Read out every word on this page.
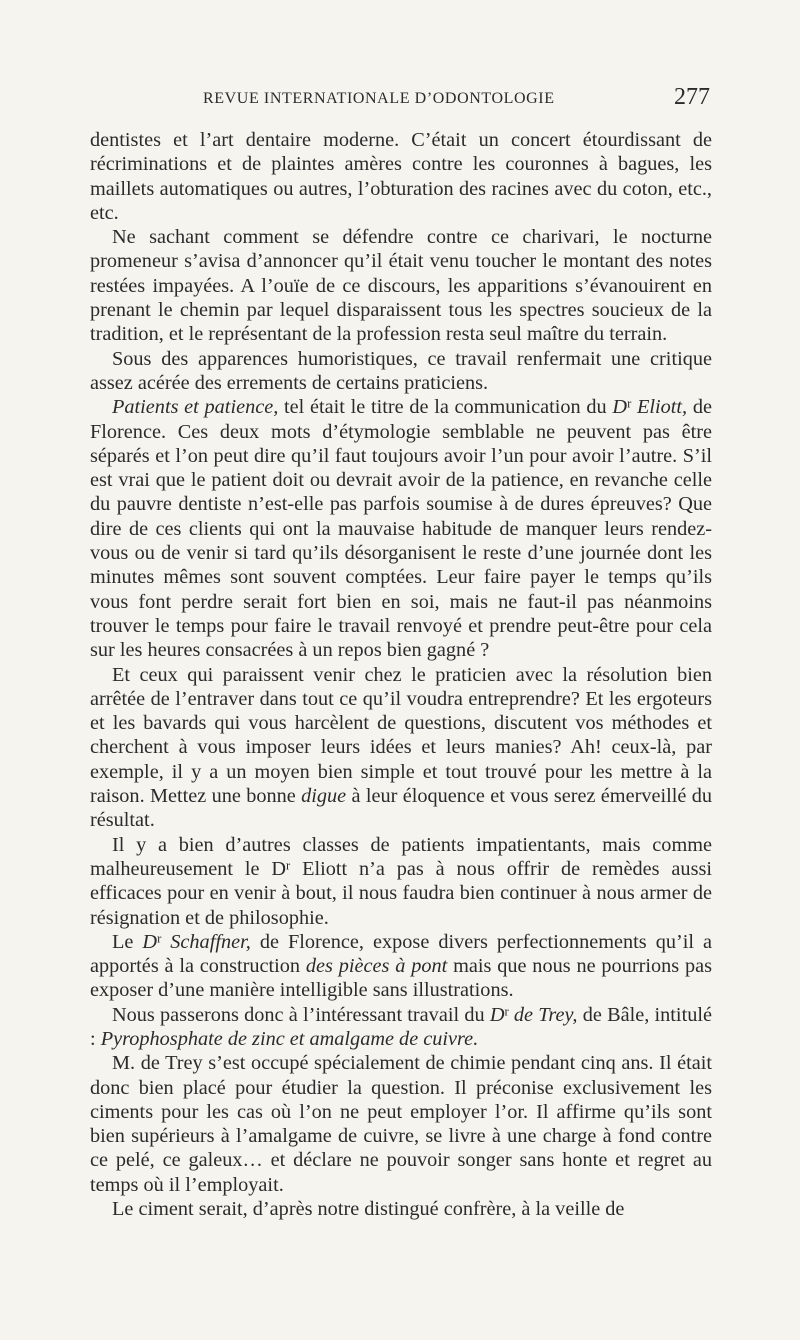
REVUE INTERNATIONALE D’ODONTOLOGIE	277

dentistes et l’art dentaire moderne. C’était un concert étourdissant de récriminations et de plaintes amères contre les couronnes à bagues, les maillets automatiques ou autres, l’obturation des racines avec du coton, etc., etc.

Ne sachant comment se défendre contre ce charivari, le nocturne promeneur s’avisa d’annoncer qu’il était venu toucher le montant des notes restées impayées. A l’ouïe de ce discours, les apparitions s’évanouirent en prenant le chemin par lequel disparaissent tous les spectres soucieux de la tradition, et le représentant de la profession resta seul maître du terrain.

Sous des apparences humoristiques, ce travail renfermait une critique assez acérée des errements de certains praticiens.

Patients et patience, tel était le titre de la communication du $D^r$ Eliott, de Florence. Ces deux mots d’étymologie semblable ne peuvent pas être séparés et l’on peut dire qu’il faut toujours avoir l’un pour avoir l’autre. S’il est vrai que le patient doit ou devrait avoir de la patience, en revanche celle du pauvre dentiste n’est-elle pas parfois soumise à de dures épreuves? Que dire de ces clients qui ont la mauvaise habitude de manquer leurs rendez-vous ou de venir si tard qu’ils désorganisent le reste d’une journée dont les minutes mêmes sont souvent comptées. Leur faire payer le temps qu’ils vous font perdre serait fort bien en soi, mais ne faut-il pas néanmoins trouver le temps pour faire le travail renvoyé et prendre peut-être pour cela sur les heures consacrées à un repos bien gagné ?

Et ceux qui paraissent venir chez le praticien avec la résolution bien arrêtée de l’entraver dans tout ce qu’il voudra entreprendre? Et les ergoteurs et les bavards qui vous harcèlent de questions, discutent vos méthodes et cherchent à vous imposer leurs idées et leurs manies? Ah! ceux-là, par exemple, il y a un moyen bien simple et tout trouvé pour les mettre à la raison. Mettez une bonne digue à leur éloquence et vous serez émerveillé du résultat.

Il y a bien d’autres classes de patients impatientants, mais comme malheureusement le $D^r$ Eliott n’a pas à nous offrir de remèdes aussi efficaces pour en venir à bout, il nous faudra bien continuer à nous armer de résignation et de philosophie.

Le $D^r$ Schaffner, de Florence, expose divers perfectionnements qu’il a apportés à la construction des pièces à pont mais que nous ne pourrions pas exposer d’une manière intelligible sans illustrations.

Nous passerons donc à l’intéressant travail du $D^r$ de Trey, de Bâle, intitulé : Pyrophosphate de zinc et amalgame de cuivre.

M. de Trey s’est occupé spécialement de chimie pendant cinq ans. Il était donc bien placé pour étudier la question. Il préconise exclusivement les ciments pour les cas où l’on ne peut employer l’or. Il affirme qu’ils sont bien supérieurs à l’amalgame de cuivre, se livre à une charge à fond contre ce pelé, ce galeux… et déclare ne pouvoir songer sans honte et regret au temps où il l’employait.

Le ciment serait, d’après notre distingué confrère, à la veille de
